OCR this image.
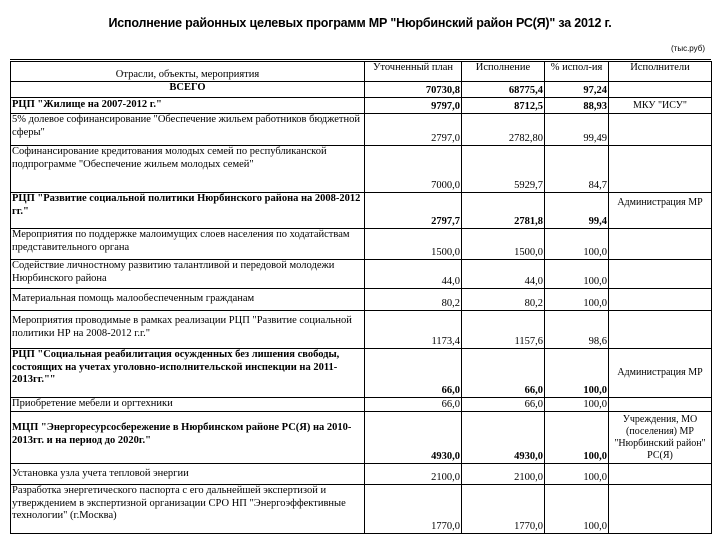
Исполнение районных целевых программ МР "Нюрбинский район РС(Я)" за 2012 г.
(тыс.руб)
Отрасли, объекты, мероприятия	Уточненный план	Исполнение	% испол-ия	Исполнители
ВСЕГО	70730,8	68775,4	97,24	
РЦП "Жилище на 2007-2012 г."	9797,0	8712,5	88,93	МКУ "ИСУ"
5% долевое софинансирование "Обеспечение жильем работников бюджетной сферы"	2797,0	2782,80	99,49	
Софинансирование кредитования молодых семей по республиканской подпрограмме "Обеспечение жильем молодых семей"	7000,0	5929,7	84,7	
РЦП "Развитие социальной политики Нюрбинского района на 2008-2012 гг."	2797,7	2781,8	99,4	Администрация МР
Мероприятия по поддержке малоимущих слоев населения по ходатайствам представительного органа	1500,0	1500,0	100,0	
Содействие личностному развитию талантливой и передовой молодежи Нюрбинского района	44,0	44,0	100,0	
Материальная помощь малообеспеченным гражданам	80,2	80,2	100,0	
Мероприятия проводимые в рамках реализации РЦП "Развитие социальной политики НР на 2008-2012 г.г."	1173,4	1157,6	98,6	
РЦП "Социальная реабилитация осужденных без лишения свободы, состоящих на учетах уголовно-исполнительской инспекции на 2011-2013гг.""	66,0	66,0	100,0	Администрация МР
Приобретение мебели и оргтехники	66,0	66,0	100,0	
МЦП "Энергоресурсосбережение в Нюрбинском районе РС(Я) на 2010-2013гг. и на период до 2020г."	4930,0	4930,0	100,0	Учреждения, МО (поселения) МР "Нюрбинский район" РС(Я)
Установка узла учета тепловой энергии	2100,0	2100,0	100,0	
Разработка энергетического паспорта с его дальнейшей экспертизой и утверждением в экспертизной организации СРО НП "Энергоэффективные технологии" (г.Москва)	1770,0	1770,0	100,0	
